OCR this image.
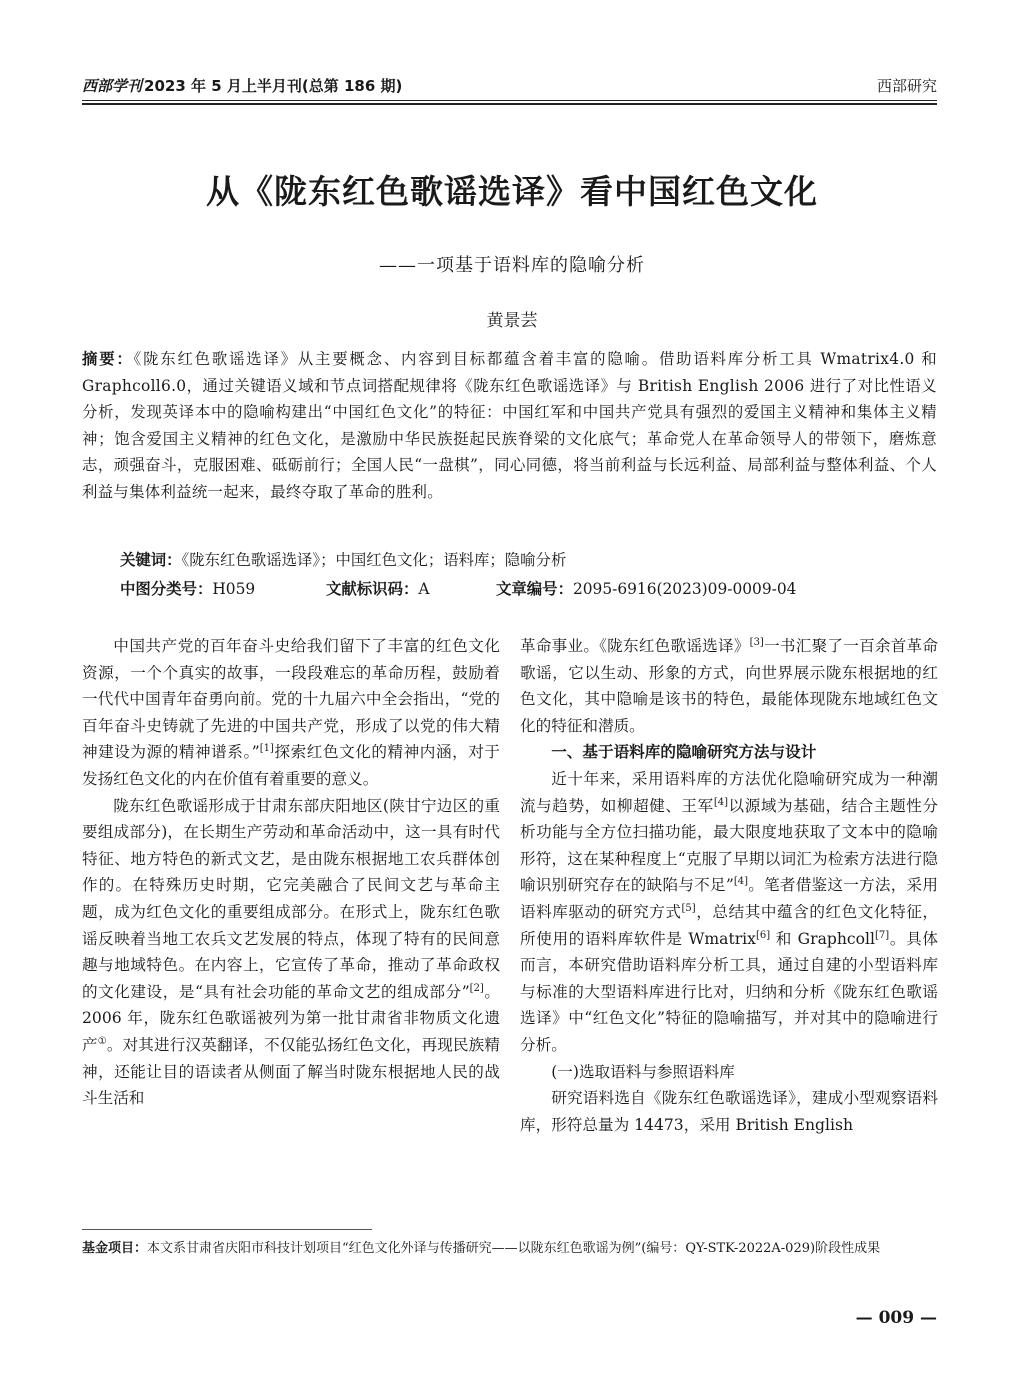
西部学刊 2023 年 5 月上半月刊(总第 186 期)	西部研究
从《陇东红色歌谣选译》看中国红色文化
——一项基于语料库的隐喻分析
黄景芸
摘要：《陇东红色歌谣选译》从主要概念、内容到目标都蕴含着丰富的隐喻。借助语料库分析工具 Wmatrix4.0 和 Graphcoll6.0，通过关键语义域和节点词搭配规律将《陇东红色歌谣选译》与 British English 2006 进行了对比性语义分析，发现英译本中的隐喻构建出“中国红色文化”的特征：中国红军和中国共产党具有强烈的爱国主义精神和集体主义精神；饱含爱国主义精神的红色文化，是激励中华民族挺起民族脊梁的文化底气；革命党人在革命领导人的带领下，磨炼意志，顽强奋斗，克服困难、砥砺前行；全国人民“一盘棋”，同心同德，将当前利益与长远利益、局部利益与整体利益、个人利益与集体利益统一起来，最终夺取了革命的胜利。
关键词：《陇东红色歌谣选译》；中国红色文化；语料库；隐喻分析
中图分类号：H059	文献标识码：A	文章编号：2095-6916(2023)09-0009-04

中国共产党的百年奋斗史给我们留下了丰富的红色文化资源，一个个真实的故事，一段段难忘的革命历程，鼓励着一代代中国青年奋勇向前。党的十九届六中全会指出，“党的百年奋斗史铸就了先进的中国共产党，形成了以党的伟大精神建设为源的精神谱系。”[1]探索红色文化的精神内涵，对于发扬红色文化的内在价值有着重要的意义。

陇东红色歌谣形成于甘肃东部庆阳地区(陕甘宁边区的重要组成部分)，在长期生产劳动和革命活动中，这一具有时代特征、地方特色的新式文艺，是由陇东根据地工农兵群体创作的。在特殊历史时期，它完美融合了民间文艺与革命主题，成为红色文化的重要组成部分。在形式上，陇东红色歌谣反映着当地工农兵文艺发展的特点，体现了特有的民间意趣与地域特色。在内容上，它宣传了革命，推动了革命政权的文化建设，是“具有社会功能的革命文艺的组成部分”[2]。2006 年，陇东红色歌谣被列为第一批甘肃省非物质文化遗产①。对其进行汉英翻译，不仅能弘扬红色文化，再现民族精神，还能让目的语读者从侧面了解当时陇东根据地人民的战斗生活和

革命事业。《陇东红色歌谣选译》[3]一书汇聚了一百余首革命歌谣，它以生动、形象的方式，向世界展示陇东根据地的红色文化，其中隐喻是该书的特色，最能体现陇东地域红色文化的特征和潜质。

一、基于语料库的隐喻研究方法与设计

近十年来，采用语料库的方法优化隐喻研究成为一种潮流与趋势，如柳超健、王军[4]以源域为基础，结合主题性分析功能与全方位扫描功能，最大限度地获取了文本中的隐喻形符，这在某种程度上“克服了早期以词汇为检索方法进行隐喻识别研究存在的缺陷与不足”[4]。笔者借鉴这一方法，采用语料库驱动的研究方式[5]，总结其中蕴含的红色文化特征，所使用的语料库软件是 Wmatrix[6] 和 Graphcoll[7]。具体而言，本研究借助语料库分析工具，通过自建的小型语料库与标准的大型语料库进行比对，归纳和分析《陇东红色歌谣选译》中“红色文化”特征的隐喻描写，并对其中的隐喻进行分析。

(一)选取语料与参照语料库

研究语料选自《陇东红色歌谣选译》，建成小型观察语料库，形符总量为 14473，采用 British English

基金项目：本文系甘肃省庆阳市科技计划项目“红色文化外译与传播研究——以陇东红色歌谣为例”(编号：QY-STK-2022A-029)阶段性成果
— 009 —
